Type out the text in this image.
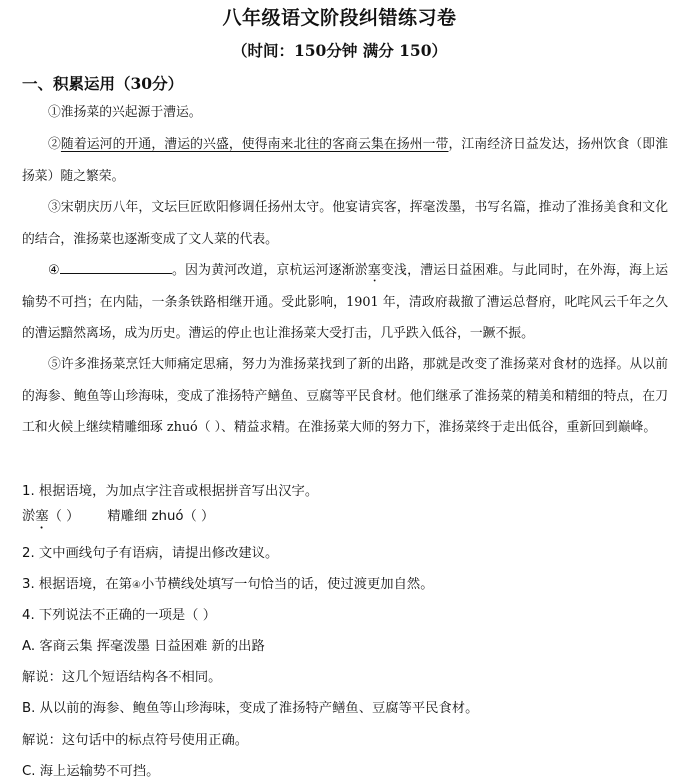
八年级语文阶段纠错练习卷
（时间：150分钟 满分 150）
一、积累运用（30分）

①淮扬菜的兴起源于漕运。

②随着运河的开通，漕运的兴盛，使得南来北往的客商云集在扬州一带，江南经济日益发达，扬州饮食（即淮扬菜）随之繁荣。

③宋朝庆历八年，文坛巨匠欧阳修调任扬州太守。他宴请宾客，挥毫泼墨，书写名篇，推动了淮扬美食和文化的结合，淮扬菜也逐渐变成了文人菜的代表。

④	。因为黄河改道，京杭运河逐渐淤塞变浅，漕运日益困难。与此同时，在外海，海上运输势不可挡；在内陆，一条条铁路相继开通。受此影响，1901 年，清政府裁撤了漕运总督府，叱咤风云千年之久的漕运黯然离场，成为历史。漕运的停止也让淮扬菜大受打击，几乎跌入低谷，一蹶不振。

⑤许多淮扬菜烹饪大师痛定思痛，努力为淮扬菜找到了新的出路，那就是改变了淮扬菜对食材的选择。从以前的海参、鲍鱼等山珍海味，变成了淮扬特产鳝鱼、豆腐等平民食材。他们继承了淮扬菜的精美和精细的特点，在刀工和火候上继续精雕细琢 zhuó（ ）、精益求精。在淮扬菜大师的努力下，淮扬菜终于走出低谷，重新回到巅峰。

1. 根据语境，为加点字注音或根据拼音写出汉字。
淤塞（ ） 精雕细 zhuó（ ）
2. 文中画线句子有语病，请提出修改建议。
3. 根据语境，在第④小节横线处填写一句恰当的话，使过渡更加自然。
4. 下列说法不正确的一项是（ ）
A. 客商云集 挥毫泼墨 日益困难 新的出路
解说：这几个短语结构各不相同。
B. 从以前的海参、鲍鱼等山珍海味，变成了淮扬特产鳝鱼、豆腐等平民食材。
解说：这句话中的标点符号使用正确。
C. 海上运输势不可挡。
